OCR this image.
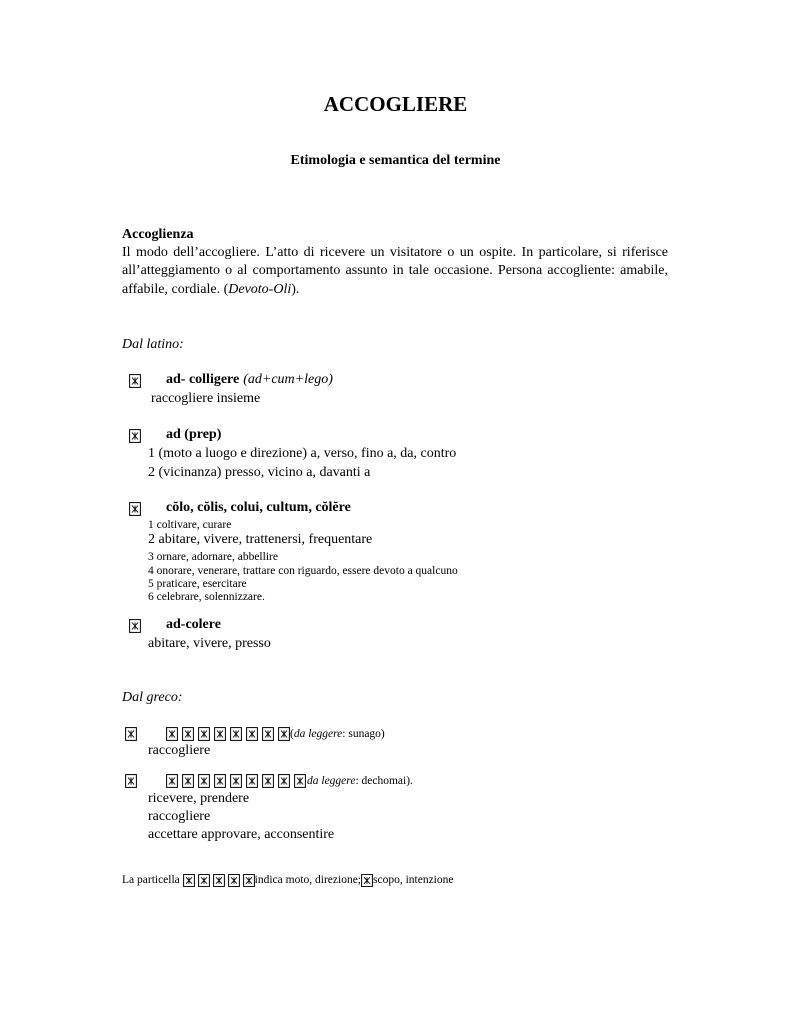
ACCOGLIERE
Etimologia e semantica del termine
Accoglienza
Il modo dell’accogliere. L’atto di ricevere un visitatore o un ospite. In particolare, si riferisce
all’atteggiamento o al comportamento assunto in tale occasione. Persona accogliente: amabile,
affabile, cordiale. (Devoto-Oli).
Dal latino:
ad- colligere (ad+cum+lego)
raccogliere insieme
ad (prep)
1 (moto a luogo e direzione) a, verso, fino a, da, contro
2 (vicinanza) presso, vicino a, davanti a
cŏlo, cŏlis, colui, cultum, cŏlĕre
1 coltivare, curare
2 abitare, vivere, trattenersi, frequentare
3 ornare, adornare, abbellire
4 onorare, venerare, trattare con riguardo, essere devoto a qualcuno
5 praticare, esercitare
6 celebrare, solennizzare.
ad-colere
abitare, vivere, presso
Dal greco:
( da leggere : sunago)
raccogliere
da leggere : dechomai).
ricevere, prendere
raccogliere
accettare approvare, acconsentire
La particella	indica moto, direzione; scopo, intenzione
